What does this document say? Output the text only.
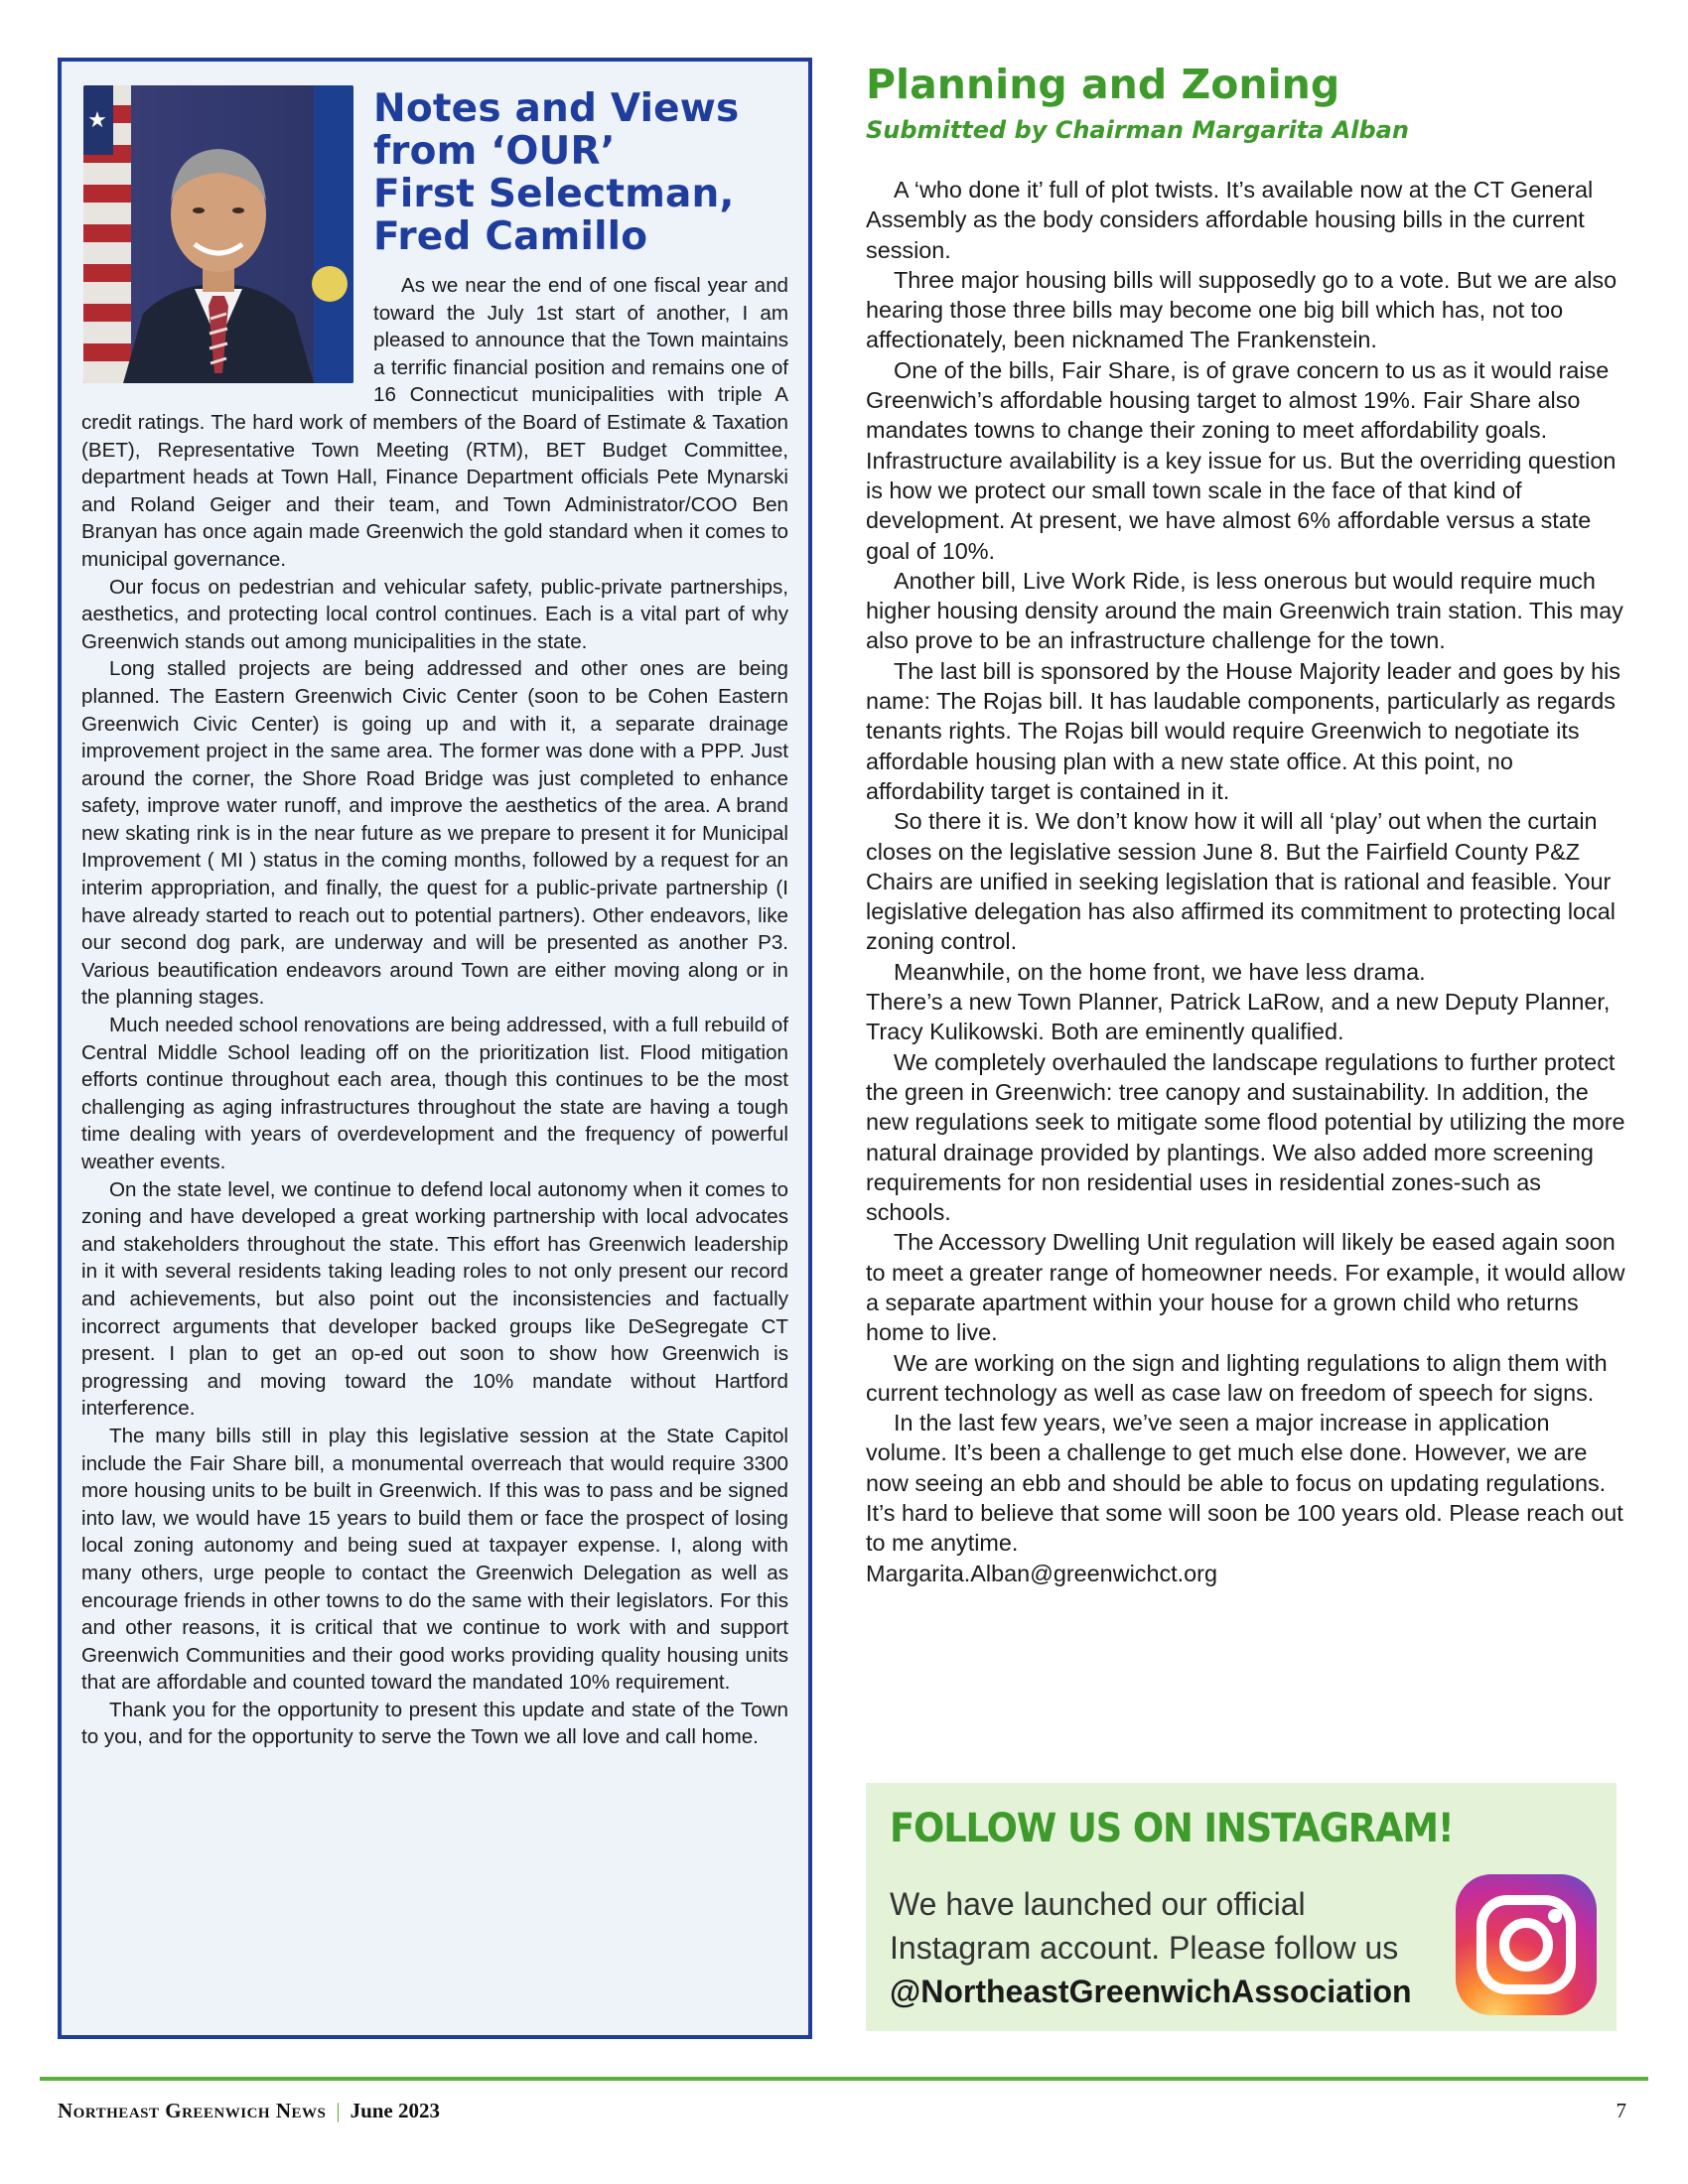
★	Notes and Views
from ‘OUR’
First Selectman,
Fred Camillo

As we near the end of one fiscal year and toward the July 1st start of another, I am pleased to announce that the Town maintains a terrific financial position and remains one of 16 Connecticut municipalities with triple A credit ratings. The hard work of members of the Board of Estimate & Taxation (BET), Representative Town Meeting (RTM), BET Budget Committee, department heads at Town Hall, Finance Department officials Pete Mynarski and Roland Geiger and their team, and Town Administrator/COO Ben Branyan has once again made Greenwich the gold standard when it comes to municipal governance.

Our focus on pedestrian and vehicular safety, public-private partnerships, aesthetics, and protecting local control continues. Each is a vital part of why Greenwich stands out among municipalities in the state.

Long stalled projects are being addressed and other ones are being planned. The Eastern Greenwich Civic Center (soon to be Cohen Eastern Greenwich Civic Center) is going up and with it, a separate drainage improvement project in the same area. The former was done with a PPP. Just around the corner, the Shore Road Bridge was just completed to enhance safety, improve water runoff, and improve the aesthetics of the area. A brand new skating rink is in the near future as we prepare to present it for Municipal Improvement ( MI ) status in the coming months, followed by a request for an interim appropriation, and finally, the quest for a public-private partnership (I have already started to reach out to potential partners). Other endeavors, like our second dog park, are underway and will be presented as another P3. Various beautification endeavors around Town are either moving along or in the planning stages.

Much needed school renovations are being addressed, with a full rebuild of Central Middle School leading off on the prioritization list. Flood mitigation efforts continue throughout each area, though this continues to be the most challenging as aging infrastructures throughout the state are having a tough time dealing with years of overdevelopment and the frequency of powerful weather events.

On the state level, we continue to defend local autonomy when it comes to zoning and have developed a great working partnership with local advocates and stakeholders throughout the state. This effort has Greenwich leadership in it with several residents taking leading roles to not only present our record and achievements, but also point out the inconsistencies and factually incorrect arguments that developer backed groups like DeSegregate CT present. I plan to get an op-ed out soon to show how Greenwich is progressing and moving toward the 10% mandate without Hartford interference.

The many bills still in play this legislative session at the State Capitol include the Fair Share bill, a monumental overreach that would require 3300 more housing units to be built in Greenwich. If this was to pass and be signed into law, we would have 15 years to build them or face the prospect of losing local zoning autonomy and being sued at taxpayer expense. I, along with many others, urge people to contact the Greenwich Delegation as well as encourage friends in other towns to do the same with their legislators. For this and other reasons, it is critical that we continue to work with and support Greenwich Communities and their good works providing quality housing units that are affordable and counted toward the mandated 10% requirement.

Thank you for the opportunity to present this update and state of the Town to you, and for the opportunity to serve the Town we all love and call home.

Planning and Zoning
Submitted by Chairman Margarita Alban

A ‘who done it’ full of plot twists. It’s available now at the CT General Assembly as the body considers affordable housing bills in the current session.

Three major housing bills will supposedly go to a vote. But we are also hearing those three bills may become one big bill which has, not too affectionately, been nicknamed The Frankenstein.

One of the bills, Fair Share, is of grave concern to us as it would raise Greenwich’s affordable housing target to almost 19%. Fair Share also mandates towns to change their zoning to meet affordability goals. Infrastructure availability is a key issue for us. But the overriding question is how we protect our small town scale in the face of that kind of development. At present, we have almost 6% affordable versus a state goal of 10%.

Another bill, Live Work Ride, is less onerous but would require much higher housing density around the main Greenwich train station. This may also prove to be an infrastructure challenge for the town.

The last bill is sponsored by the House Majority leader and goes by his name: The Rojas bill. It has laudable components, particularly as regards tenants rights. The Rojas bill would require Greenwich to negotiate its affordable housing plan with a new state office. At this point, no affordability target is contained in it.

So there it is. We don’t know how it will all ‘play’ out when the curtain closes on the legislative session June 8. But the Fairfield County P&Z Chairs are unified in seeking legislation that is rational and feasible. Your legislative delegation has also affirmed its commitment to protecting local zoning control.

Meanwhile, on the home front, we have less drama.

There’s a new Town Planner, Patrick LaRow, and a new Deputy Planner, Tracy Kulikowski. Both are eminently qualified.

We completely overhauled the landscape regulations to further protect the green in Greenwich: tree canopy and sustainability. In addition, the new regulations seek to mitigate some flood potential by utilizing the more natural drainage provided by plantings. We also added more screening requirements for non residential uses in residential zones-such as schools.

The Accessory Dwelling Unit regulation will likely be eased again soon to meet a greater range of homeowner needs. For example, it would allow a separate apartment within your house for a grown child who returns home to live.

We are working on the sign and lighting regulations to align them with current technology as well as case law on freedom of speech for signs.

In the last few years, we’ve seen a major increase in application volume. It’s been a challenge to get much else done. However, we are now seeing an ebb and should be able to focus on updating regulations. It’s hard to believe that some will soon be 100 years old. Please reach out to me anytime.

Margarita.Alban@greenwichct.org

FOLLOW US ON INSTAGRAM!
We have launched our official Instagram account. Please follow us
@NortheastGreenwichAssociation
Northeast Greenwich News | June 2023	7
